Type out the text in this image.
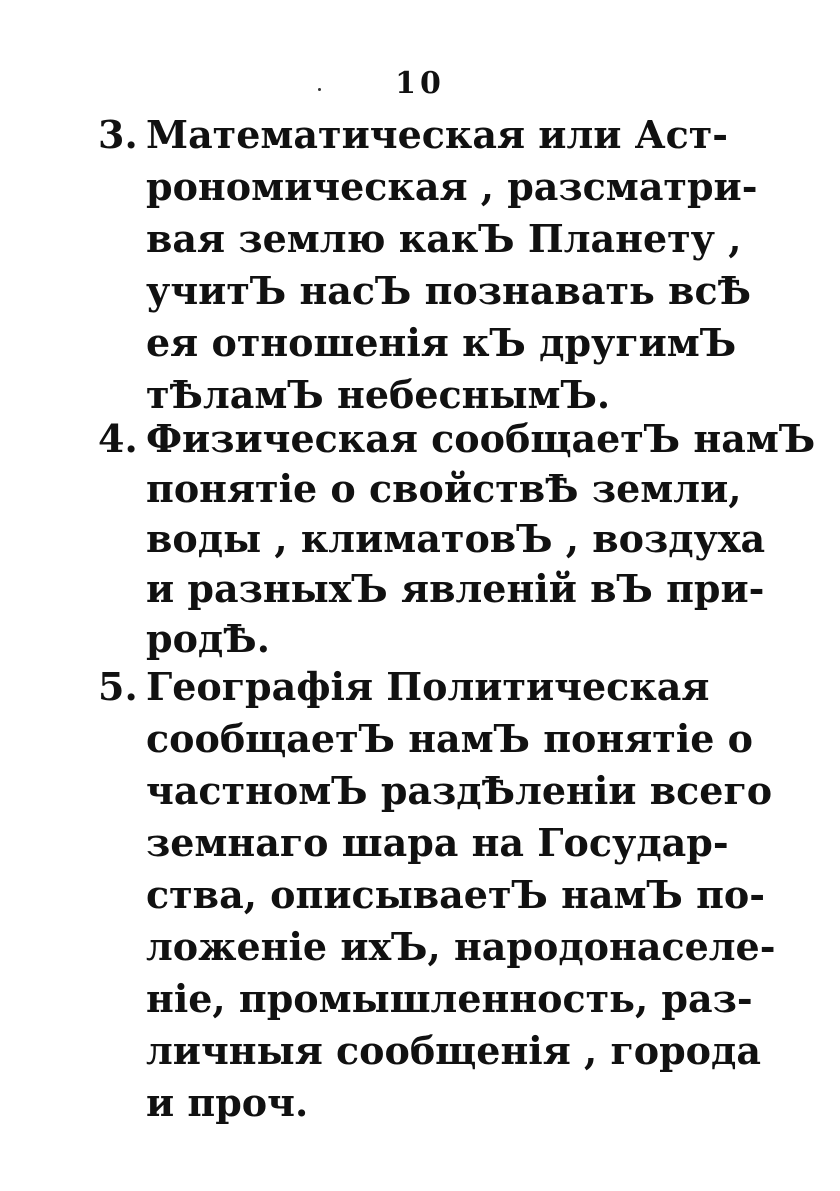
10

3. Математическая или Аст-
рономическая , разсматри-
вая землю какЪ Планету ,
учитЪ насЪ познавать всѢ
ея отношенія кЪ другимЪ
тѢламЪ небеснымЪ.
4. Физическая сообщаетЪ намЪ
понятіе о свойствѢ земли,
воды , климатовЪ , воздуха
и разныхЪ явленій вЪ при-
родѢ.
5. Географія Политическая
сообщаетЪ намЪ понятіе о
частномЪ раздѢленіи всего
земнаго шара на Государ-
ства, описываетЪ намЪ по-
ложеніе ихЪ, народонаселе-
ніе, промышленность, раз-
личныя сообщенія , города
и проч.
